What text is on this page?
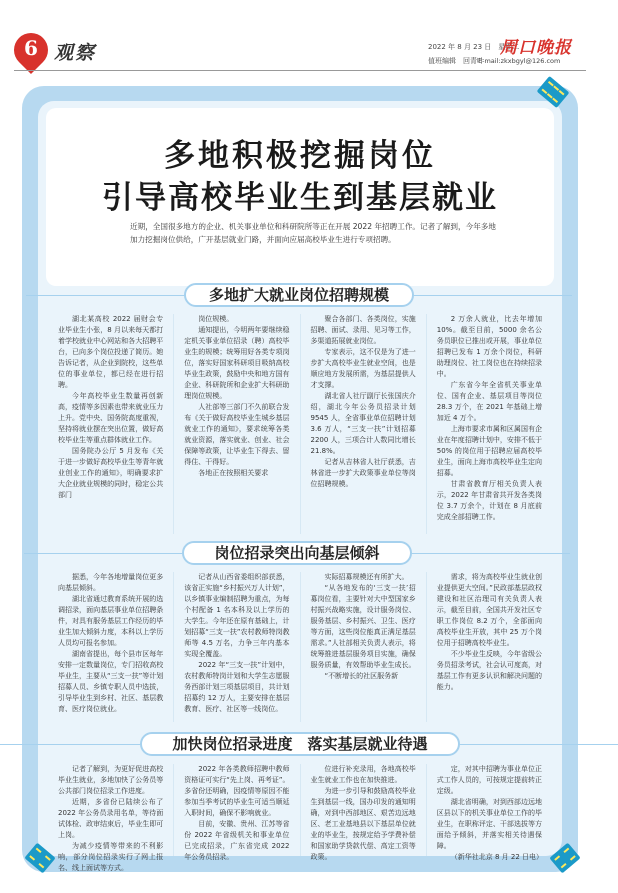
6 观察	2022 年 8 月 23 日　星期二
值班编辑　回青叶
E-mail:zkxbgyl@126.com
周口晚报
多地积极挖掘岗位
引导高校毕业生到基层就业
近期，全国很多地方的企业、机关事业单位和科研院所等正在开展 2022 年招聘工作。记者了解到，今年多地加力挖掘岗位供给，广开基层就业门路，并面向应届高校毕业生进行专项招聘。
多地扩大就业岗位招聘规模
岗位招录突出向基层倾斜
加快岗位招录进度　落实基层就业待遇

湖北某高校 2022 届财会专业毕业生小张，8 月以来每天都打着学校就业中心网站和各大招聘平台，已向多个岗位投递了简历。她告诉记者，从企业到院校，这些单位的事业单位，都已经在进行招聘。

今年高校毕业生数量再创新高，疫情等多因素也带来就业压力上升。党中央、国务院高度重视，坚持将就业摆在突出位置，做好高校毕业生等重点群体就业工作。

国务院办公厅 5 月发布《关于进一步做好高校毕业生等青年就业创业工作的通知》，明确要求扩大企业就业规模的同时，稳定公共部门

岗位规模。

通知提出，今明两年要继续稳定机关事业单位招录（聘）高校毕业生的规模；统筹用好各类专项岗位，落实好国家科研项目吸纳高校毕业生政策，鼓励中央和地方国有企业、科研院所和企业扩大科研助理岗位规模。

人社部等三部门不久前联合发布《关于做好高校毕业生城乡基层就业工作的通知》，要求统筹各类就业资源，落实就业、创业、社会保障等政策，让毕业生下得去、留得住、干得好。

各地正在按照相关要求

聚合各部门、各类岗位，实施招聘、面试、录用、见习等工作，多渠道拓展就业岗位。

专家表示，这不仅是为了进一步扩大高校毕业生就业空间，也是顺应地方发展所需，为基层提供人才支撑。

湖北省人社厅副厅长张国庆介绍，湖北今年公务员招录计划 9545 人，全省事业单位招聘计划 3.6 万人，“三支一扶”计划招募 2200 人，三项合计人数同比增长 21.8%。

记者从吉林省人社厅获悉，吉林省进一步扩大政策事业单位等岗位招聘规模。

2 万余人就业，比去年增加 10%。截至目前，5000 余名公务员职位已推出或开展，事业单位招聘已发布 1 万余个岗位，科研助理岗位、社工岗位也在持续招录中。

广东省今年全省机关事业单位、国有企业、基层项目等岗位 28.3 万个，在 2021 年基础上增加近 4 万个。

上海市要求市属和区属国有企业在年度招聘计划中，安排不低于 50% 的岗位用于招聘应届高校毕业生，面向上海市高校毕业生定向招募。

甘肃省教育厅相关负责人表示，2022 年甘肃省共开发各类岗位 3.7 万余个，计划在 8 月底前完成全部招聘工作。

据悉，今年各地增量岗位更多向基层倾斜。

湖北省通过教育系统开展的选调招录，面向基层事业单位招聘条件，对具有服务基层工作经历的毕业生加大倾斜力度，本科以上学历人员均可报名参加。

湖南省提出，每个县市区每年安排一定数量岗位，专门招收高校毕业生，主要从“三支一扶”等计划招募人员、乡镇专职人员中选拔，引导毕业生到乡村、社区、基层教育、医疗岗位就业。

记者从山西省委组织部获悉，该省正实施“乡村振兴万人计划”，以乡镇事业编制招聘为重点，为每个村配备 1 名本科及以上学历的大学生。今年还在原有基础上，计划招募“三支一扶”农村教师特岗教师等 4.5 万名，力争三年内基本实现全覆盖。

2022 年“三支一扶”计划中，农村教师特岗计划和大学生志愿服务西部计划三项基层项目，共计划招募约 12 万人，主要安排在基层教育、医疗、社区等一线岗位。

实际招募规模还有所扩大。

“从各地发布的‘三支一扶’招募岗位看，主要针对大中型国家乡村振兴战略实施，设计服务岗位、服务基层、乡村振兴、卫生、医疗等方面，这些岗位能真正满足基层需求。”人社部相关负责人表示，将统筹推进基层服务项目实施，确保服务质量，有效帮助毕业生成长。

“不断增长的社区服务新

需求，将为高校毕业生就业创业提供更大空间。”民政部基层政权建设和社区治理司有关负责人表示，截至目前，全国共开发社区专职工作岗位 8.2 万个，全部面向高校毕业生开放，其中 25 万个岗位用于招聘高校毕业生。

不少毕业生反映，今年省级公务员招录考试，社会认可度高，对基层工作有更多认识和解决问题的能力。

记者了解到，为更好促进高校毕业生就业，多地加快了公务员等公共部门岗位招录工作进度。

近期，多省份已陆续公布了 2022 年公务员录用名单，等待面试体检、政审结束后，毕业生即可上岗。

为减少疫情等带来的不利影响，部分岗位招录实行了网上报名、线上面试等方式。

2022 年各类教师招聘中教师资格证可实行“先上岗、再考证”。多省份还明确，因疫情等原因不能参加当季考试的毕业生可适当顺延入职时间，确保不影响就业。

目前，安徽、贵州、江苏等省份 2022 年省级机关和事业单位已完成招录，广东省完成 2022 年公务员招录。

位进行补充录用，各地高校毕业生就业工作也在加快推进。

为进一步引导和鼓励高校毕业生到基层一线，国办印发的通知明确，对到中西部地区、艰苦边远地区、老工业基地县以下基层单位就业的毕业生，按规定给予学费补偿和国家助学贷款代偿、高定工资等政策。

定，对其中招聘为事业单位正式工作人员的，可按规定提前转正定级。

湖北省明确，对到西部边远地区县以下的机关事业单位工作的毕业生，在职称评定、干部选拔等方面给予倾斜，并落实相关待遇保障。

（新华社北京 8 月 22 日电）
